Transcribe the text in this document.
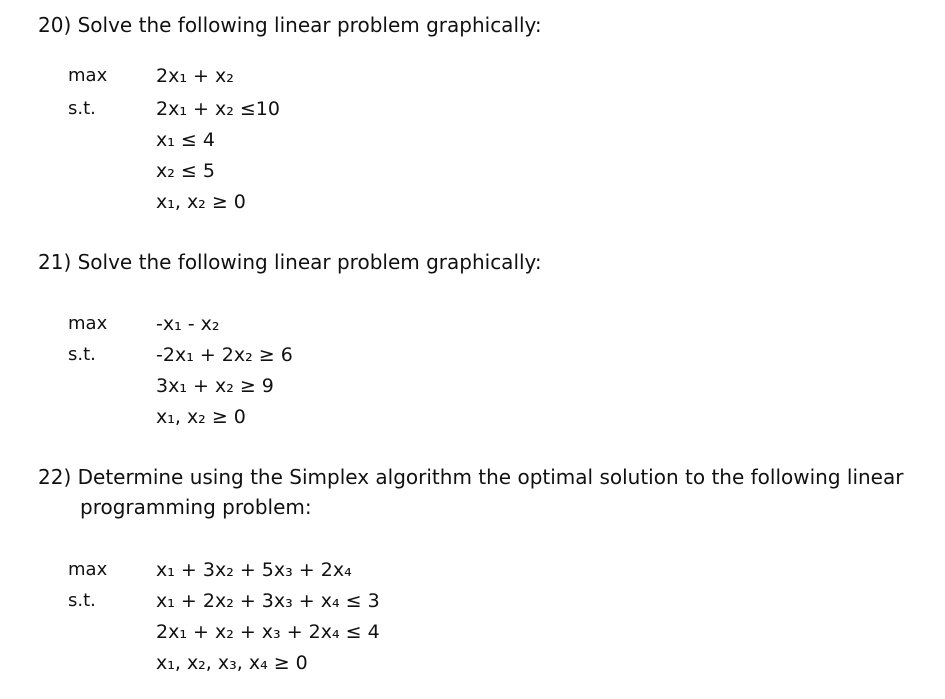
20) Solve the following linear problem graphically:
max	2x₁ + x₂
s.t.	2x₁ + x₂ ≤10
x₁ ≤ 4
x₂ ≤ 5
x₁, x₂ ≥ 0
21) Solve the following linear problem graphically:
max	-x₁ - x₂
s.t.	-2x₁ + 2x₂ ≥ 6
3x₁ + x₂ ≥ 9
x₁, x₂ ≥ 0
22) Determine using the Simplex algorithm the optimal solution to the following linear
programming problem:
max	x₁ + 3x₂ + 5x₃ + 2x₄
s.t.	x₁ + 2x₂ + 3x₃ + x₄ ≤ 3
2x₁ + x₂ + x₃ + 2x₄ ≤ 4
x₁, x₂, x₃, x₄ ≥ 0
